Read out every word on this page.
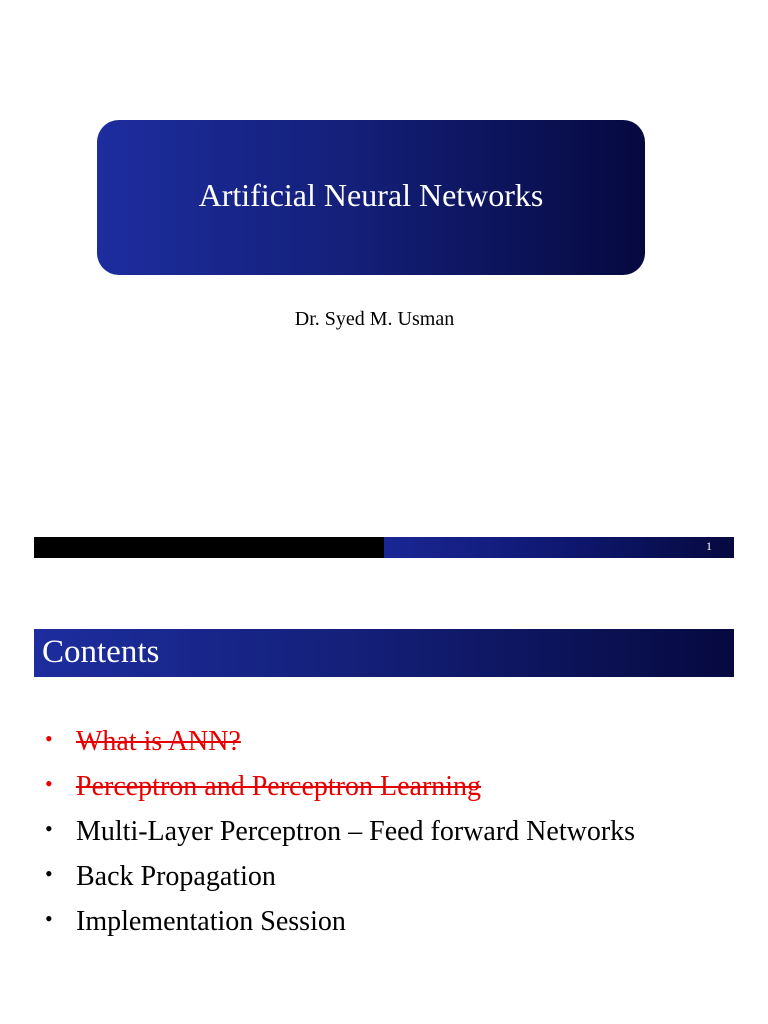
Artificial Neural Networks
Dr. Syed M. Usman
1
Contents
• What is ANN?
• Perceptron and Perceptron Learning
• Multi-Layer Perceptron – Feed forward Networks
• Back Propagation
• Implementation Session
